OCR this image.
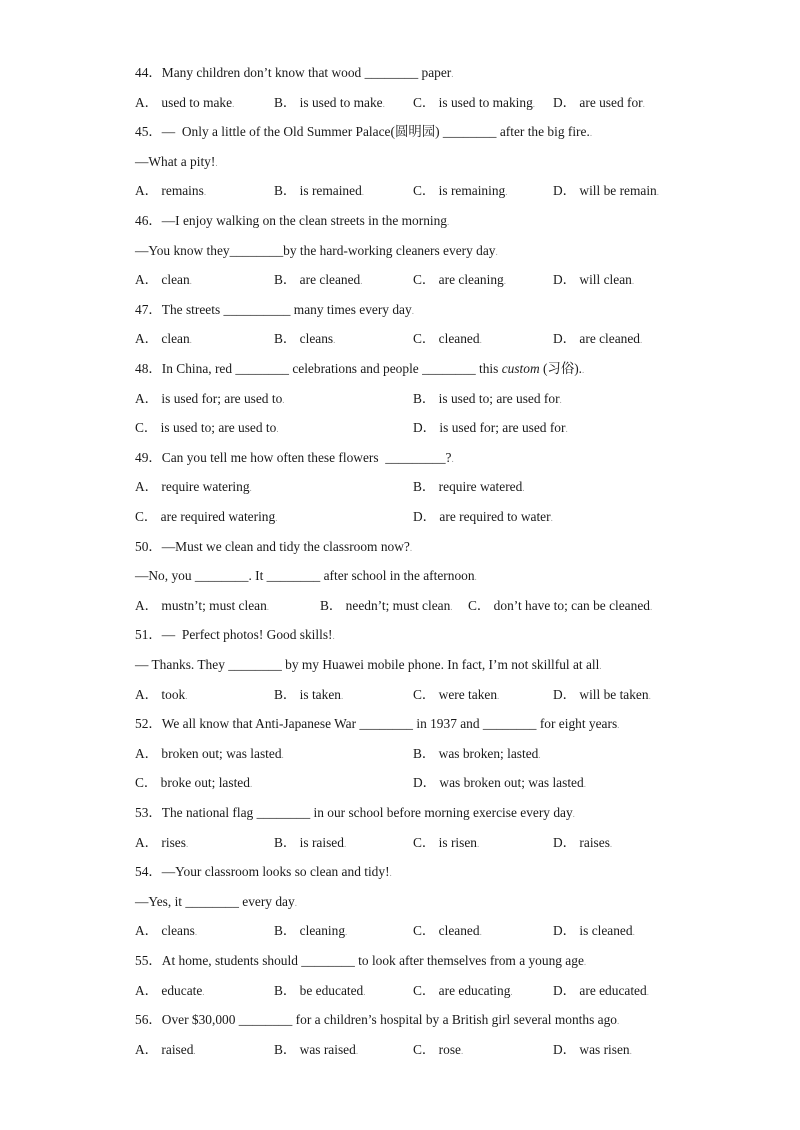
44．Many children don’t know that wood ________ paper.
A． used to make.	B． is used to make. C． is used to making. D． are used for.
45．—  Only a little of the Old Summer Palace(圆明园) ________ after the big fire..
—What a pity!.
A． remains.	B． is remained.	C． is remaining.	D． will be remain.
46．—I enjoy walking on the clean streets in the morning.
—You know they________by the hard-working cleaners every day.
A． clean.	B． are cleaned.	C． are cleaning.	D． will clean.
47．The streets __________ many times every day.
A． clean.	B． cleans.	C． cleaned.	D． are cleaned.
48．In China, red ________ celebrations and people ________ this custom (习俗)..
A． is used for; are used to.	B． is used to; are used for.
C． is used to; are used to.	D． is used for; are used for.
49．Can you tell me how often these flowers  _________?.
A． require watering.	B． require watered.
C． are required watering.	D． are required to water.
50．—Must we clean and tidy the classroom now?.
—No, you ________. It ________ after school in the afternoon.
A． mustn’t; must clean.	B． needn’t; must clean. C． don’t have to; can be cleaned.
51．—  Perfect photos! Good skills!.
— Thanks. They ________ by my Huawei mobile phone. In fact, I’m not skillful at all.
A． took.	B． is taken.	C． were taken.	D． will be taken.
52．We all know that Anti-Japanese War ________ in 1937 and ________ for eight years.
A． broken out; was lasted.	B． was broken; lasted.
C． broke out; lasted.	D． was broken out; was lasted.
53．The national flag ________ in our school before morning exercise every day.
A． rises.	B． is raised.	C． is risen.	D． raises.
54．—Your classroom looks so clean and tidy!.
—Yes, it ________ every day.
A． cleans.	B． cleaning.	C． cleaned.	D． is cleaned.
55．At home, students should ________ to look after themselves from a young age.
A． educate.	B． be educated.	C． are educating.	D． are educated.
56．Over $30,000 ________ for a children’s hospital by a British girl several months ago.
A． raised.	B． was raised.	C． rose.	D． was risen.
